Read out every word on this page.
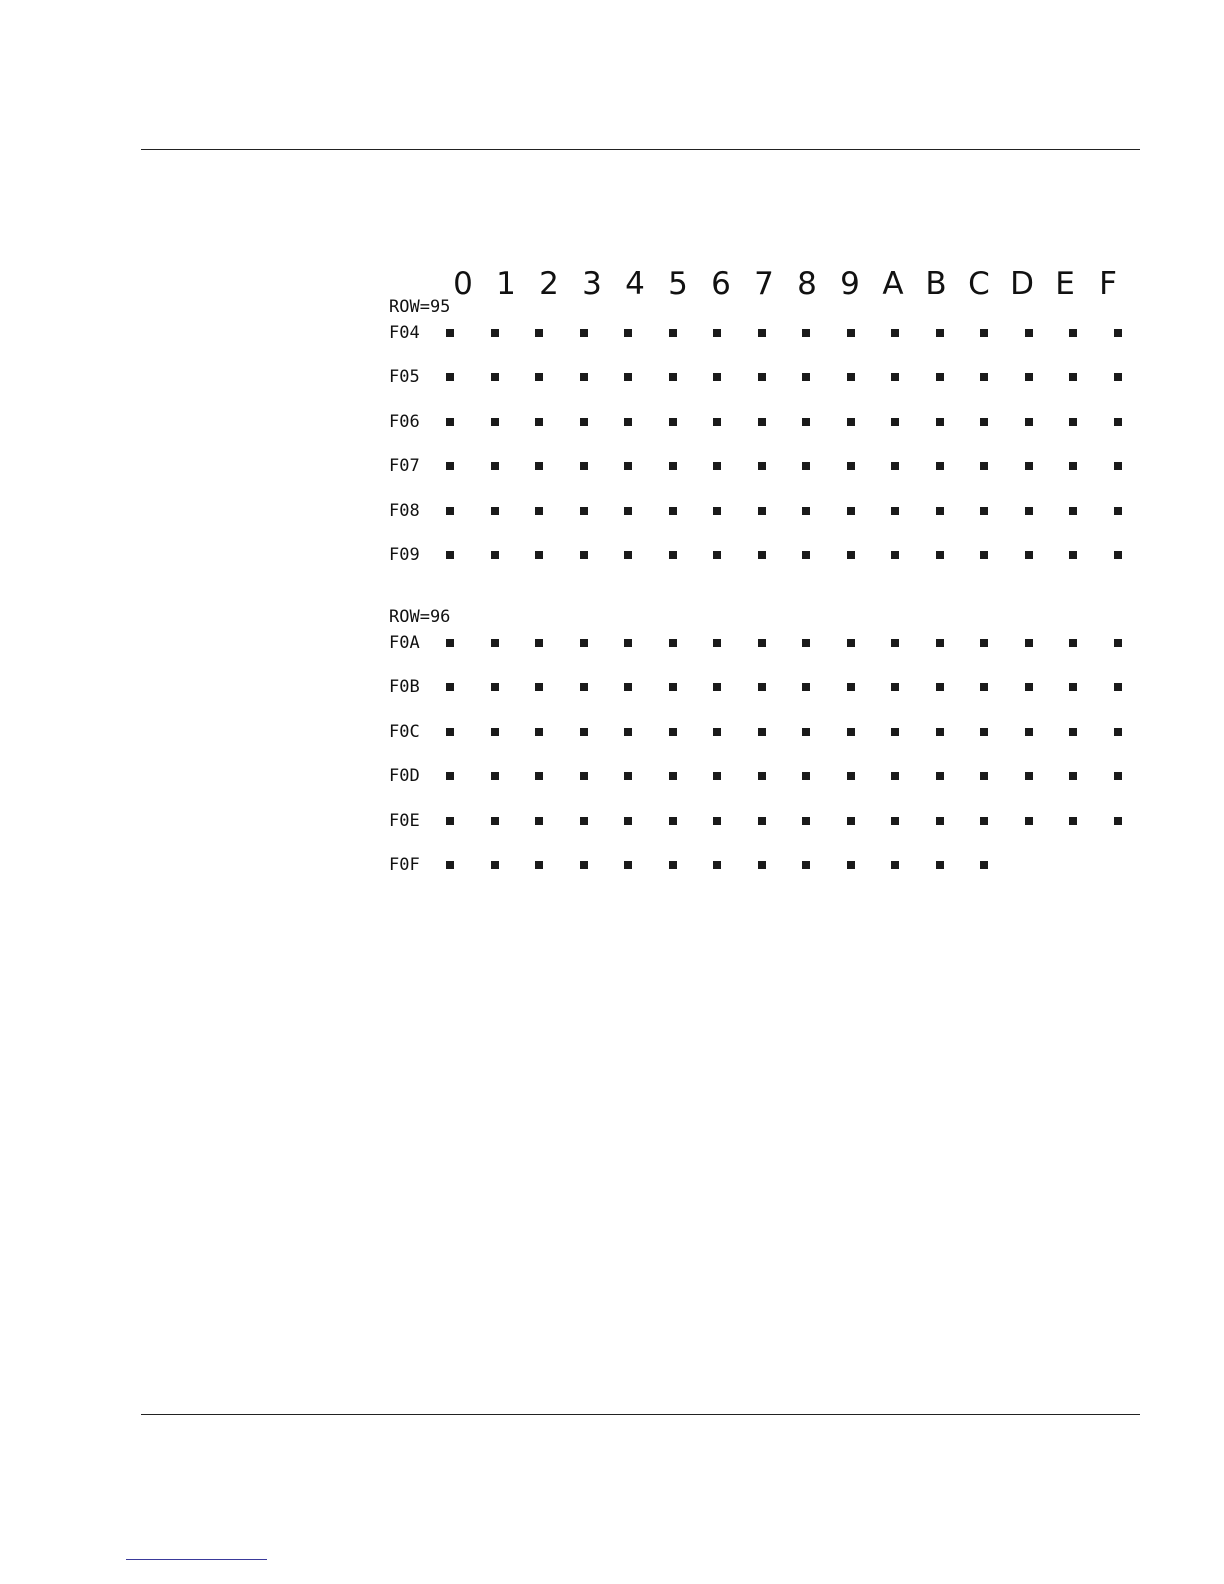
0 1 2 3 4 5 6 7 8 9 A B C D E F
ROW=95
F04
F05
F06
F07
F08
F09
ROW=96
F0A
F0B
F0C
F0D
F0E
F0F
